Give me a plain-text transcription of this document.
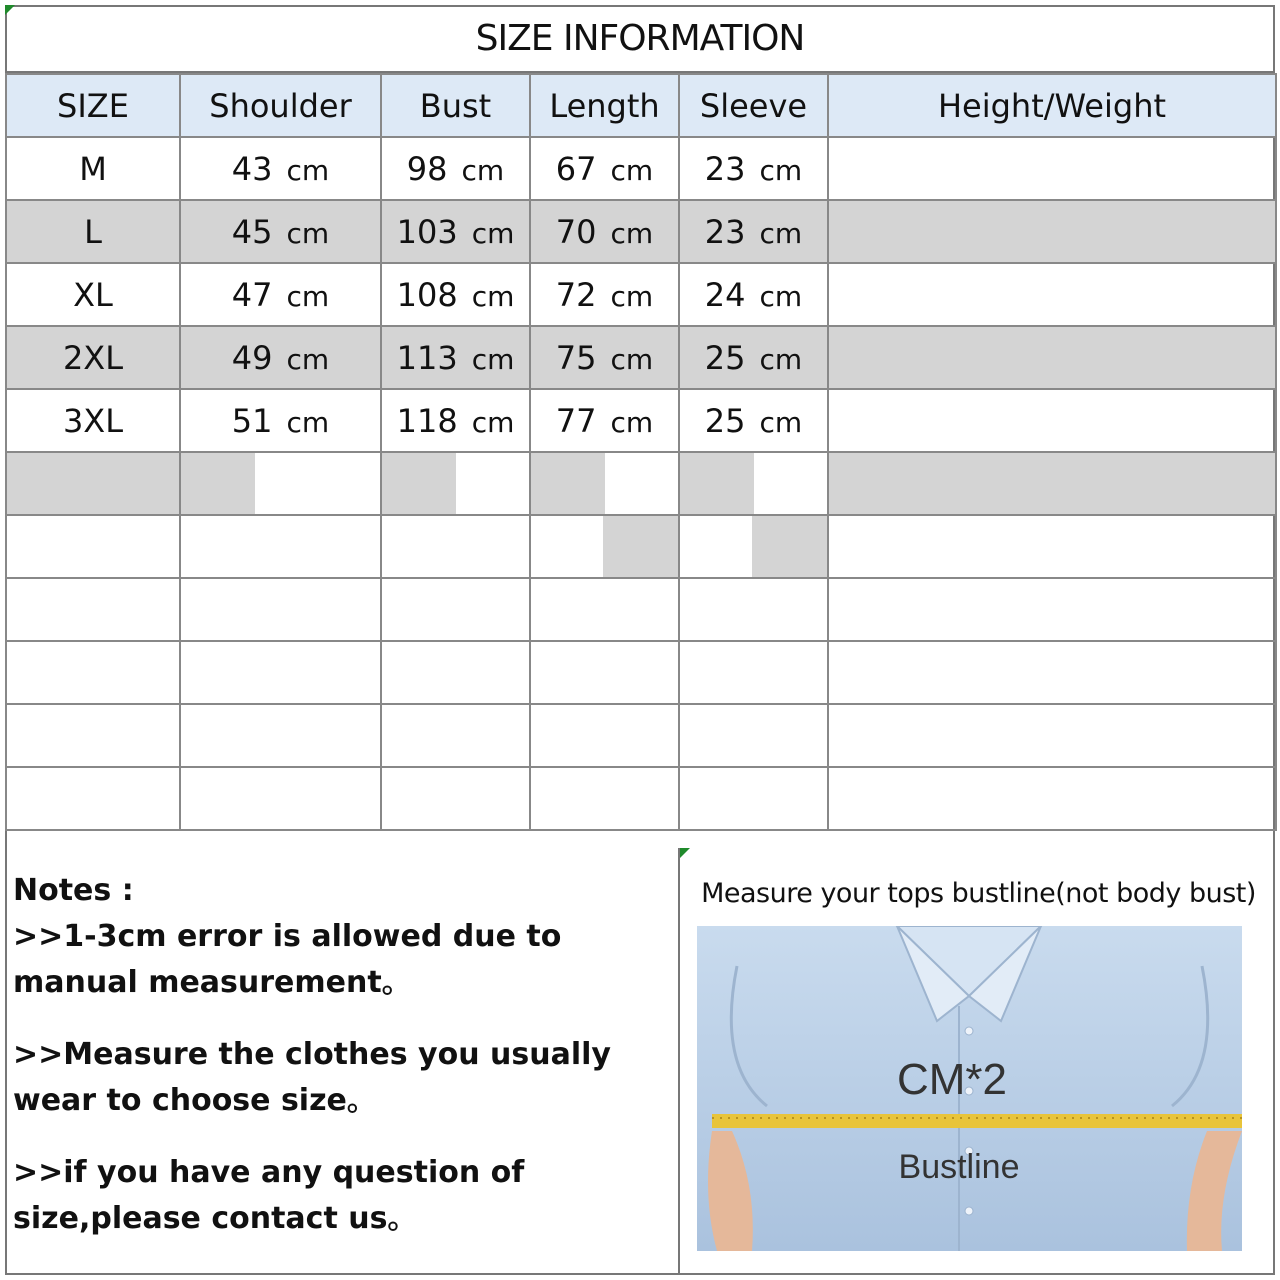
SIZE INFORMATION
SIZE	Shoulder	Bust	Length	Sleeve	Height/Weight
M	43 cm	98 cm	67 cm	23 cm	
L	45 cm	103 cm	70 cm	23 cm	
XL	47 cm	108 cm	72 cm	24 cm	
2XL	49 cm	113 cm	75 cm	25 cm	
3XL	51 cm	118 cm	77 cm	25 cm	

Notes :

>>1-3cm error is allowed due to manual measurement。

>>Measure the clothes you usually wear to choose size。

>>if you have any question of size,please contact us。

Measure your tops bustline(not body bust)
CM*2
Bustline
